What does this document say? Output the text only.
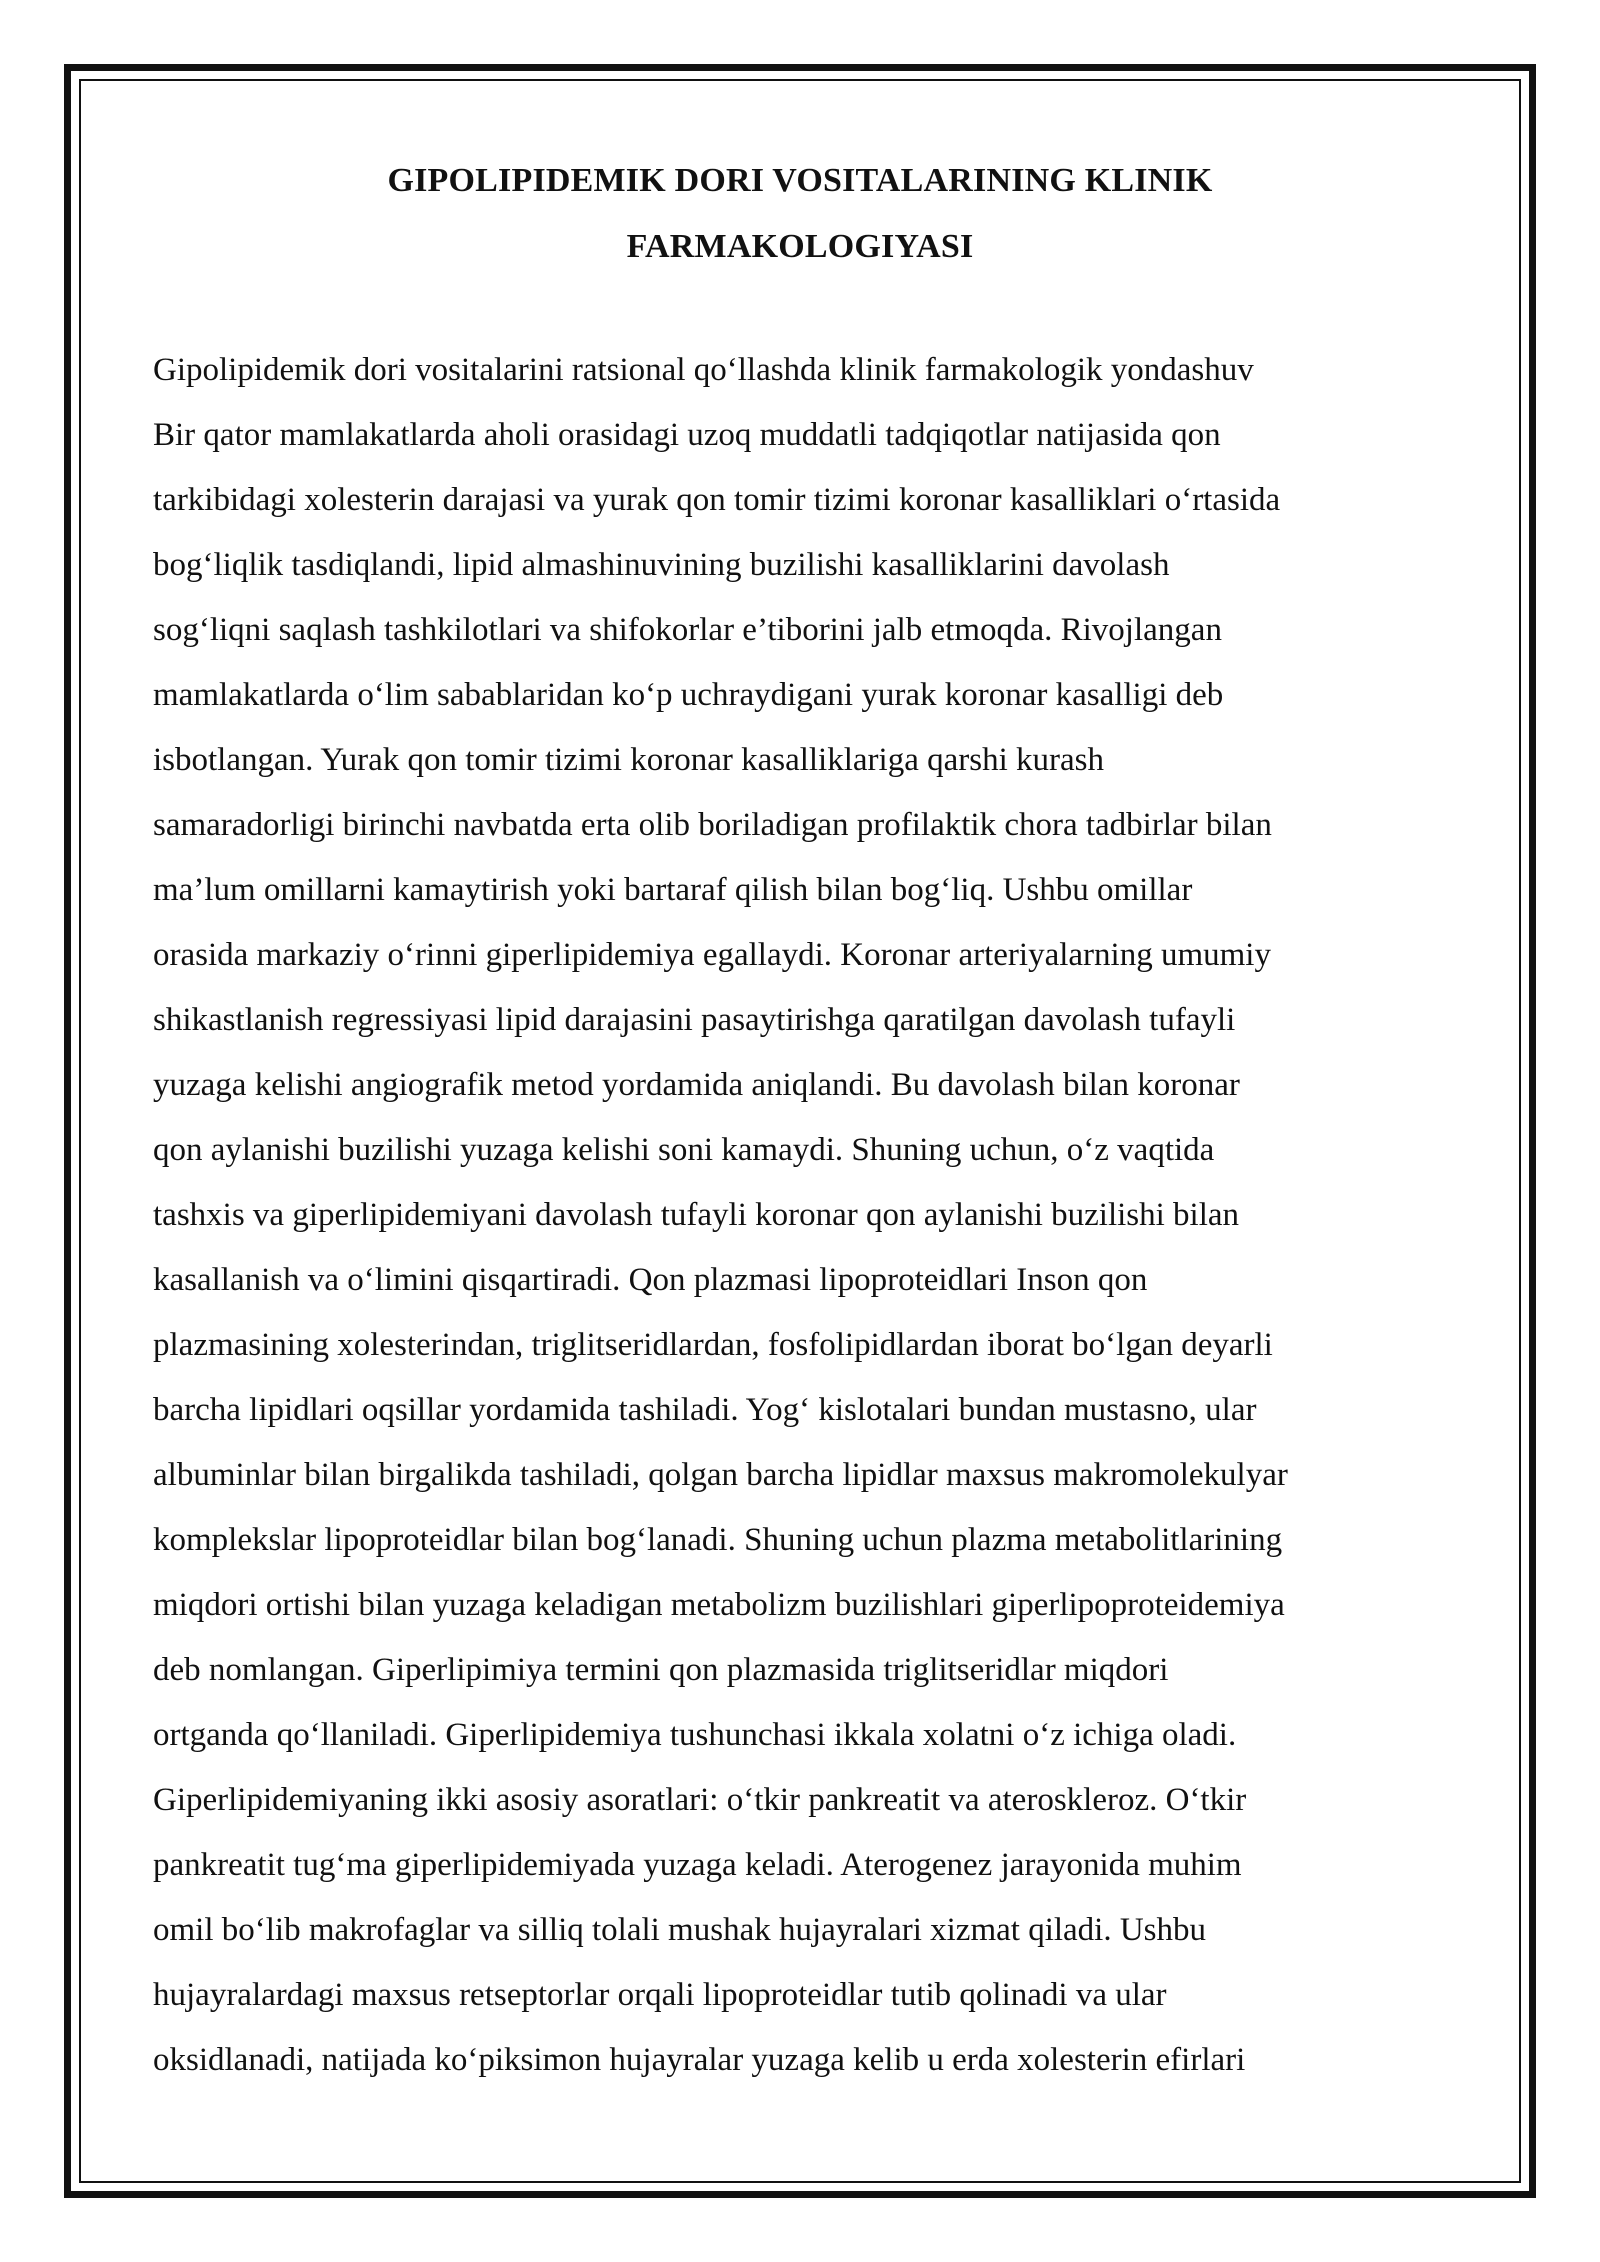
GIPOLIPIDEMIK DORI VOSITALARINING KLINIK
FARMAKOLOGIYASI
Gipolipidemik dori vositalarini ratsional qo‘llashda klinik farmakologik yondashuv
Bir qator mamlakatlarda aholi orasidagi uzoq muddatli tadqiqotlar natijasida qon
tarkibidagi xolesterin darajasi va yurak qon tomir tizimi koronar kasalliklari o‘rtasida
bog‘liqlik tasdiqlandi, lipid almashinuvining buzilishi kasalliklarini davolash
sog‘liqni saqlash tashkilotlari va shifokorlar e’tiborini jalb etmoqda. Rivojlangan
mamlakatlarda o‘lim sabablaridan ko‘p uchraydigani yurak koronar kasalligi deb
isbotlangan. Yurak qon tomir tizimi koronar kasalliklariga qarshi kurash
samaradorligi birinchi navbatda erta olib boriladigan profilaktik chora tadbirlar bilan
ma’lum omillarni kamaytirish yoki bartaraf qilish bilan bog‘liq. Ushbu omillar
orasida markaziy o‘rinni giperlipidemiya egallaydi. Koronar arteriyalarning umumiy
shikastlanish regressiyasi lipid darajasini pasaytirishga qaratilgan davolash tufayli
yuzaga kelishi angiografik metod yordamida aniqlandi. Bu davolash bilan koronar
qon aylanishi buzilishi yuzaga kelishi soni kamaydi. Shuning uchun, o‘z vaqtida
tashxis va giperlipidemiyani davolash tufayli koronar qon aylanishi buzilishi bilan
kasallanish va o‘limini qisqartiradi. Qon plazmasi lipoproteidlari Inson qon
plazmasining xolesterindan, triglitseridlardan, fosfolipidlardan iborat bo‘lgan deyarli
barcha lipidlari oqsillar yordamida tashiladi. Yog‘ kislotalari bundan mustasno, ular
albuminlar bilan birgalikda tashiladi, qolgan barcha lipidlar maxsus makromolekulyar
komplekslar lipoproteidlar bilan bog‘lanadi. Shuning uchun plazma metabolitlarining
miqdori ortishi bilan yuzaga keladigan metabolizm buzilishlari giperlipoproteidemiya
deb nomlangan. Giperlipimiya termini qon plazmasida triglitseridlar miqdori
ortganda qo‘llaniladi. Giperlipidemiya tushunchasi ikkala xolatni o‘z ichiga oladi.
Giperlipidemiyaning ikki asosiy asoratlari: o‘tkir pankreatit va ateroskleroz. O‘tkir
pankreatit tug‘ma giperlipidemiyada yuzaga keladi. Aterogenez jarayonida muhim
omil bo‘lib makrofaglar va silliq tolali mushak hujayralari xizmat qiladi. Ushbu
hujayralardagi maxsus retseptorlar orqali lipoproteidlar tutib qolinadi va ular
oksidlanadi, natijada ko‘piksimon hujayralar yuzaga kelib u erda xolesterin efirlari
